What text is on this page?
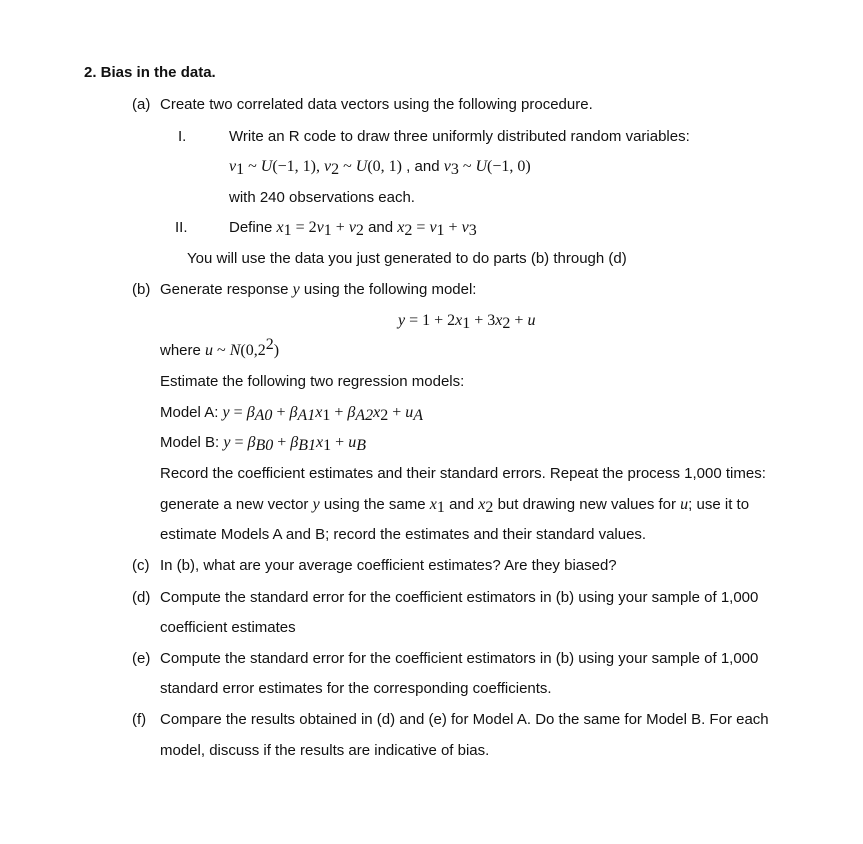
2. Bias in the data.
(a) Create two correlated data vectors using the following procedure.
I.	Write an R code to draw three uniformly distributed random variables:
$v_1$ ~ U(−1, 1), $v_2$ ~ U(0, 1) , and $v_3$ ~ U(−1, 0)
with 240 observations each.
II.	Define $x_1 = 2v_1 + v_2$ and $x_2 = v_1 + v_3$
You will use the data you just generated to do parts (b) through (d)
(b) Generate response y using the following model:
$y = 1 + 2x_1 + 3x_2 + u$
where u ~ $N(0,2^2)$
Estimate the following two regression models:
Model A: $y = \beta_{A0} + \beta_{A1}x_1 + \beta_{A2}x_2 + u_A$
Model B: $y = \beta_{B0} + \beta_{B1}x_1 + u_B$
Record the coefficient estimates and their standard errors. Repeat the process 1,000 times:
generate a new vector y using the same $x_1$ and $x_2$ but drawing new values for u; use it to
estimate Models A and B; record the estimates and their standard values.
(c) In (b), what are your average coefficient estimates? Are they biased?
(d) Compute the standard error for the coefficient estimators in (b) using your sample of 1,000
coefficient estimates
(e) Compute the standard error for the coefficient estimators in (b) using your sample of 1,000
standard error estimates for the corresponding coefficients.
(f) Compare the results obtained in (d) and (e) for Model A. Do the same for Model B. For each
model, discuss if the results are indicative of bias.
